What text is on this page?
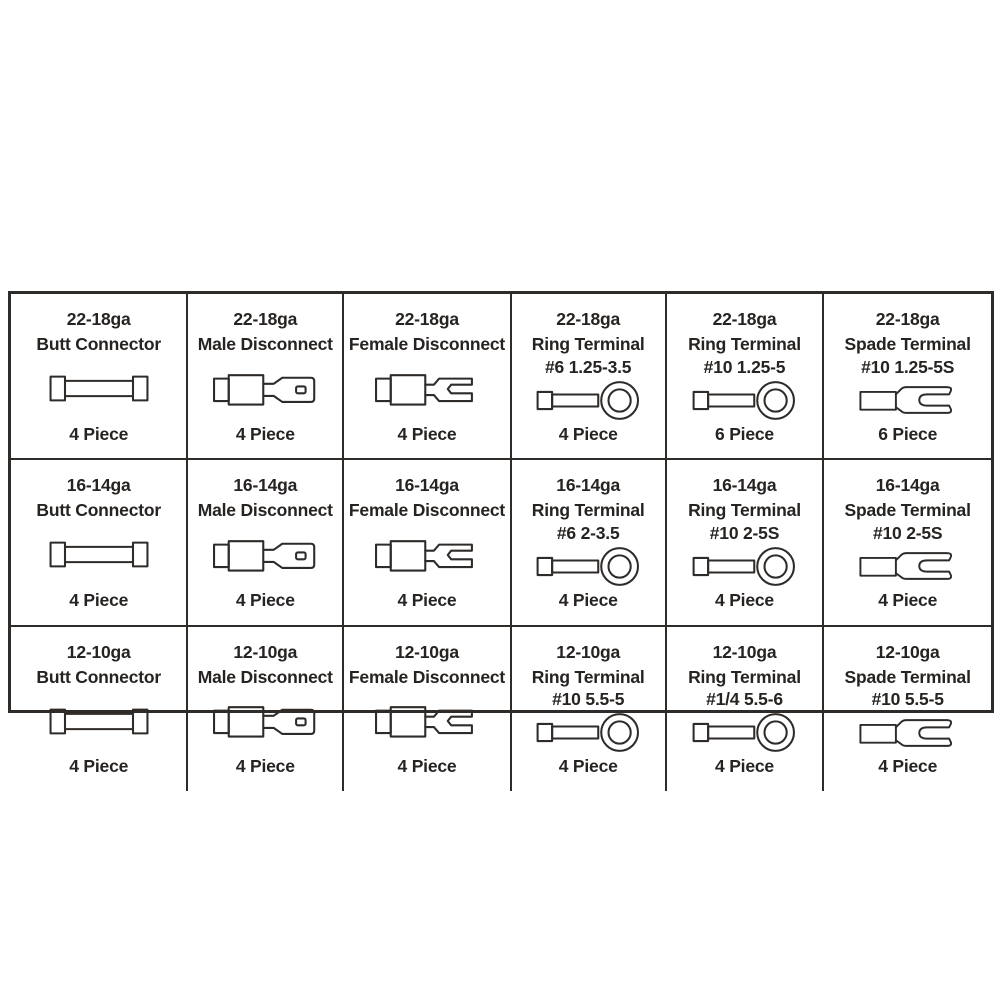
22-18ga
Butt Connector
4 Piece
22-18ga
Male Disconnect
4 Piece
22-18ga
Female Disconnect
4 Piece
22-18ga
Ring Terminal
#6 1.25-3.5
4 Piece
22-18ga
Ring Terminal
#10 1.25-5
6 Piece
22-18ga
Spade Terminal
#10 1.25-5S
6 Piece
16-14ga
Butt Connector
4 Piece
16-14ga
Male Disconnect
4 Piece
16-14ga
Female Disconnect
4 Piece
16-14ga
Ring Terminal
#6 2-3.5
4 Piece
16-14ga
Ring Terminal
#10 2-5S
4 Piece
16-14ga
Spade Terminal
#10 2-5S
4 Piece
12-10ga
Butt Connector
4 Piece
12-10ga
Male Disconnect
4 Piece
12-10ga
Female Disconnect
4 Piece
12-10ga
Ring Terminal
#10 5.5-5
4 Piece
12-10ga
Ring Terminal
#1/4 5.5-6
4 Piece
12-10ga
Spade Terminal
#10 5.5-5
4 Piece
